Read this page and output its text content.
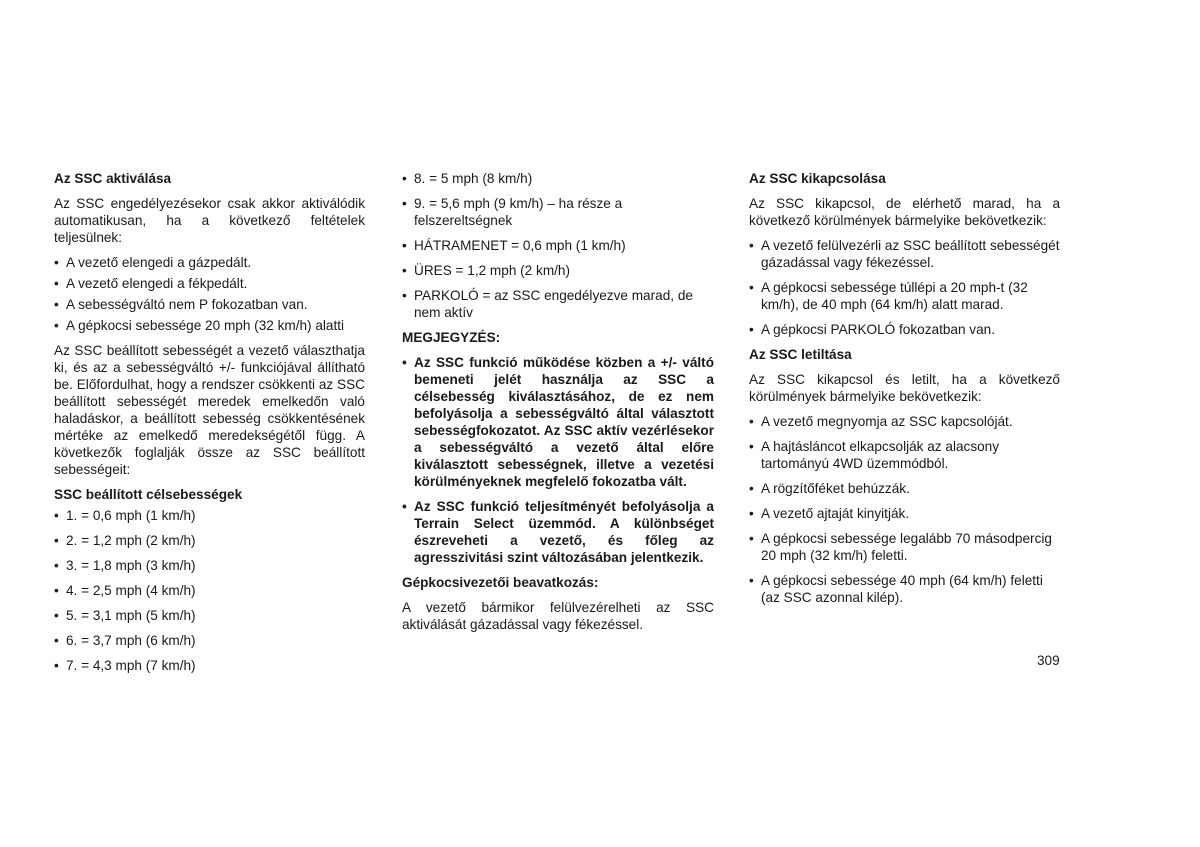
Az SSC aktiválása
Az SSC engedélyezésekor csak akkor aktiválódik automatikusan, ha a következő feltételek teljesülnek:
• A vezető elengedi a gázpedált.
• A vezető elengedi a fékpedált.
• A sebességváltó nem P fokozatban van.
• A gépkocsi sebessége 20 mph (32 km/h) alatti
Az SSC beállított sebességét a vezető választhatja ki, és az a sebességváltó +/- funkciójával állítható be. Előfordulhat, hogy a rendszer csökkenti az SSC beállított sebességét meredek emelkedőn való haladáskor, a beállított sebesség csökkentésének mértéke az emelkedő meredekségétől függ. A következők foglalják össze az SSC beállított sebességeit:
SSC beállított célsebességek
• 1. = 0,6 mph (1 km/h)
• 2. = 1,2 mph (2 km/h)
• 3. = 1,8 mph (3 km/h)
• 4. = 2,5 mph (4 km/h)
• 5. = 3,1 mph (5 km/h)
• 6. = 3,7 mph (6 km/h)
• 7. = 4,3 mph (7 km/h)
• 8. = 5 mph (8 km/h)
• 9. = 5,6 mph (9 km/h) – ha része a felszereltségnek
• HÁTRAMENET = 0,6 mph (1 km/h)
• ÜRES = 1,2 mph (2 km/h)
• PARKOLÓ = az SSC engedélyezve marad, de nem aktív
MEGJEGYZÉS:
• Az SSC funkció működése közben a +/- váltó bemeneti jelét használja az SSC a célsebesség kiválasztásához, de ez nem befolyásolja a sebességváltó által választott sebességfokozatot. Az SSC aktív vezérlésekor a sebességváltó a vezető által előre kiválasztott sebességnek, illetve a vezetési körülményeknek megfelelő fokozatba vált.
• Az SSC funkció teljesítményét befolyásolja a Terrain Select üzemmód. A különbséget észreveheti a vezető, és főleg az agresszivitási szint változásában jelentkezik.
Gépkocsivezetői beavatkozás:
A vezető bármikor felülvezérelheti az SSC aktiválását gázadással vagy fékezéssel.
Az SSC kikapcsolása
Az SSC kikapcsol, de elérhető marad, ha a következő körülmények bármelyike bekövetkezik:
• A vezető felülvezérli az SSC beállított sebességét gázadással vagy fékezéssel.
• A gépkocsi sebessége túllépi a 20 mph-t (32 km/h), de 40 mph (64 km/h) alatt marad.
• A gépkocsi PARKOLÓ fokozatban van.
Az SSC letiltása
Az SSC kikapcsol és letilt, ha a következő körülmények bármelyike bekövetkezik:
• A vezető megnyomja az SSC kapcsolóját.
• A hajtásláncot elkapcsolják az alacsony tartományú 4WD üzemmódból.
• A rögzítőféket behúzzák.
• A vezető ajtaját kinyitják.
• A gépkocsi sebessége legalább 70 másodpercig 20 mph (32 km/h) feletti.
• A gépkocsi sebessége 40 mph (64 km/h) feletti (az SSC azonnal kilép).
309
